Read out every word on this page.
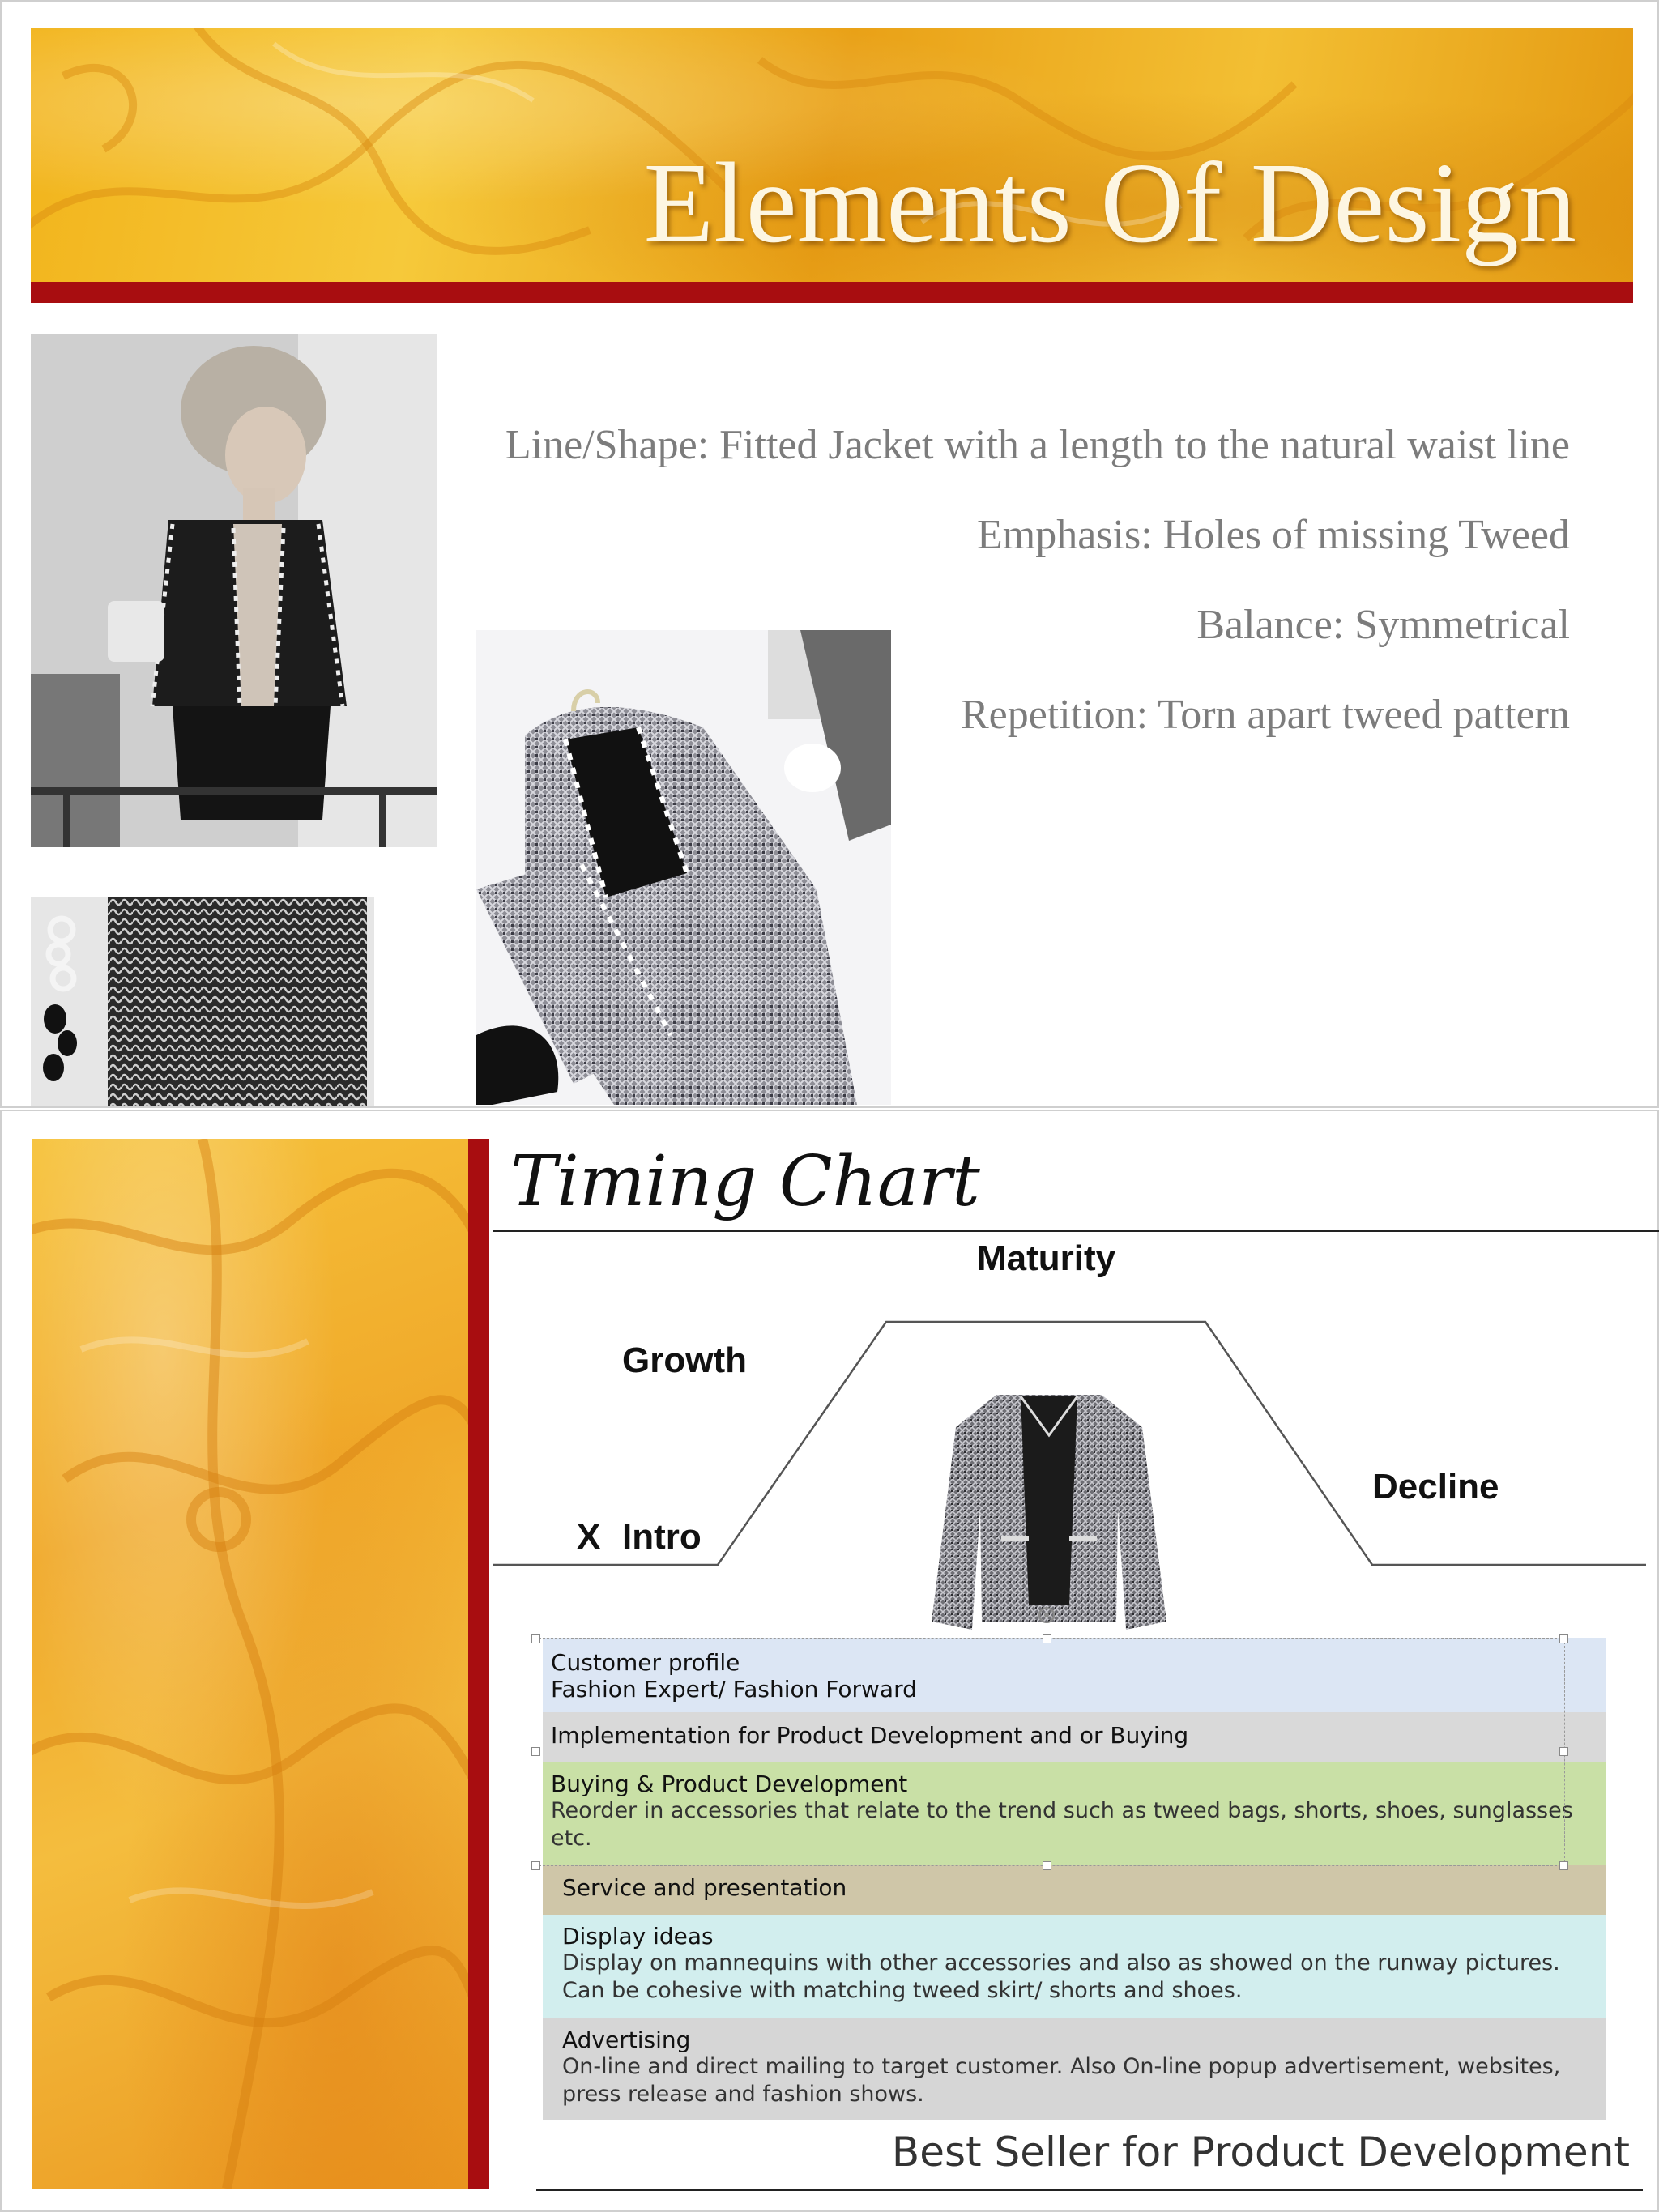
Elements Of Design
Line/Shape: Fitted Jacket with a length to the natural waist line
Emphasis: Holes of missing Tweed
Balance: Symmetrical
Repetition: Torn apart tweed pattern
Timing Chart
X Intro
Growth
Maturity
Decline
Customer profile
Fashion Expert/ Fashion Forward
Implementation for Product Development and or Buying
Buying & Product Development
Reorder in accessories that relate to the trend such as tweed bags, shorts, shoes, sunglasses etc.
Service and presentation
Display ideas
Display on mannequins with other accessories and also as showed on the runway pictures. Can be cohesive with matching tweed skirt/ shorts and shoes.
Advertising
On-line and direct mailing to target customer. Also On-line popup advertisement, websites, press release and fashion shows.
Best Seller for Product Development
